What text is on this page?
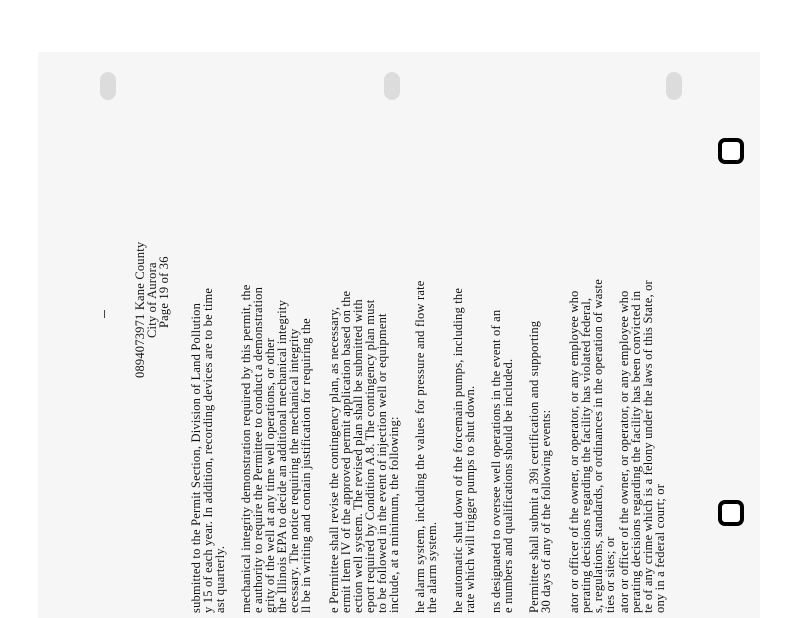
0894073971 Kane County
City of Aurora
Page 19 of 36
submitted to the Permit Section, Division of Land Pollution
y 15 of each year. In addition, recording devices are to be time
ast quarterly. mechanical integrity demonstration required by this permit, the
e authority to require the Permittee to conduct a demonstration
grity of the well at any time well operations, or other
the Illinois EPA to decide an additional mechanical integrity
ecessary. The notice requiring the mechanical integrity
ll be in writing and contain justification for requiring the e Permittee shall revise the contingency plan, as necessary,
ermit Item IV of the approved permit application based on the
ection well system. The revised plan shall be submitted with
eport required by Condition A.8. The contingency plan must
to be followed in the event of injection well or equipment
include, at a minimum, the following: he alarm system, including the values for pressure and flow rate
the alarm system. he automatic shut down of the forcemain pumps, including the
rate which will trigger pumps to shut down. ns designated to oversee well operations in the event of an
e numbers and qualifications should be included. Permittee shall submit a 39i certification and supporting
30 days of any of the following events: ator or officer of the owner, or operator, or any employee who
perating decisions regarding the facility has violated federal,
s, regulations, standards, or ordinances in the operation of waste
ties or sites; or ator or officer of the owner, or operator, or any employee who
perating decisions regarding the facility has been convicted in
te of any crime which is a felony under the laws of this State, or
ony in a federal court; or
